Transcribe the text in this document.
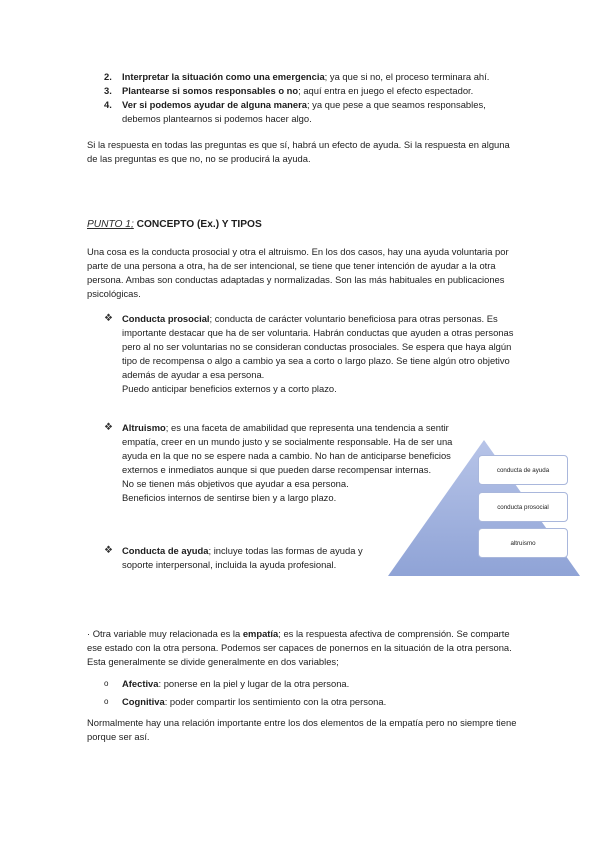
2. Interpretar la situación como una emergencia; ya que si no, el proceso terminara ahí.
3. Plantearse si somos responsables o no; aquí entra en juego el efecto espectador.
4. Ver si podemos ayudar de alguna manera; ya que pese a que seamos responsables, debemos plantearnos si podemos hacer algo.

Si la respuesta en todas las preguntas es que sí, habrá un efecto de ayuda. Si la respuesta en alguna de las preguntas es que no, no se producirá la ayuda.

PUNTO 1; CONCEPTO (Ex.) Y TIPOS

Una cosa es la conducta prosocial y otra el altruismo. En los dos casos, hay una ayuda voluntaria por parte de una persona a otra, ha de ser intencional, se tiene que tener intención de ayudar a la otra persona. Ambas son conductas adaptadas y normalizadas. Son las más habituales en publicaciones psicológicas.

❖ Conducta prosocial; conducta de carácter voluntario beneficiosa para otras personas. Es importante destacar que ha de ser voluntaria. Habrán conductas que ayuden a otras personas pero al no ser voluntarias no se consideran conductas prosociales. Se espera que haya algún tipo de recompensa o algo a cambio ya sea a corto o largo plazo. Se tiene algún otro objetivo además de ayudar a esa persona.

Puedo anticipar beneficios externos y a corto plazo.

conducta de ayuda
conducta prosocial
altruismo
❖ Altruismo; es una faceta de amabilidad que representa una tendencia a sentir empatía, creer en un mundo justo y se socialmente responsable. Ha de ser una ayuda en la que no se espere nada a cambio. No han de anticiparse beneficios externos e inmediatos aunque si que pueden darse recompensar internas.

No se tienen más objetivos que ayudar a esa persona.

Beneficios internos de sentirse bien y a largo plazo.

❖ Conducta de ayuda; incluye todas las formas de ayuda y soporte interpersonal, incluida la ayuda profesional.

· Otra variable muy relacionada es la empatía; es la respuesta afectiva de comprensión. Se comparte ese estado con la otra persona. Podemos ser capaces de ponernos en la situación de la otra persona. Esta generalmente se divide generalmente en dos variables;

o Afectiva: ponerse en la piel y lugar de la otra persona.

o Cognitiva: poder compartir los sentimiento con la otra persona.

Normalmente hay una relación importante entre los dos elementos de la empatía pero no siempre tiene porque ser así.
